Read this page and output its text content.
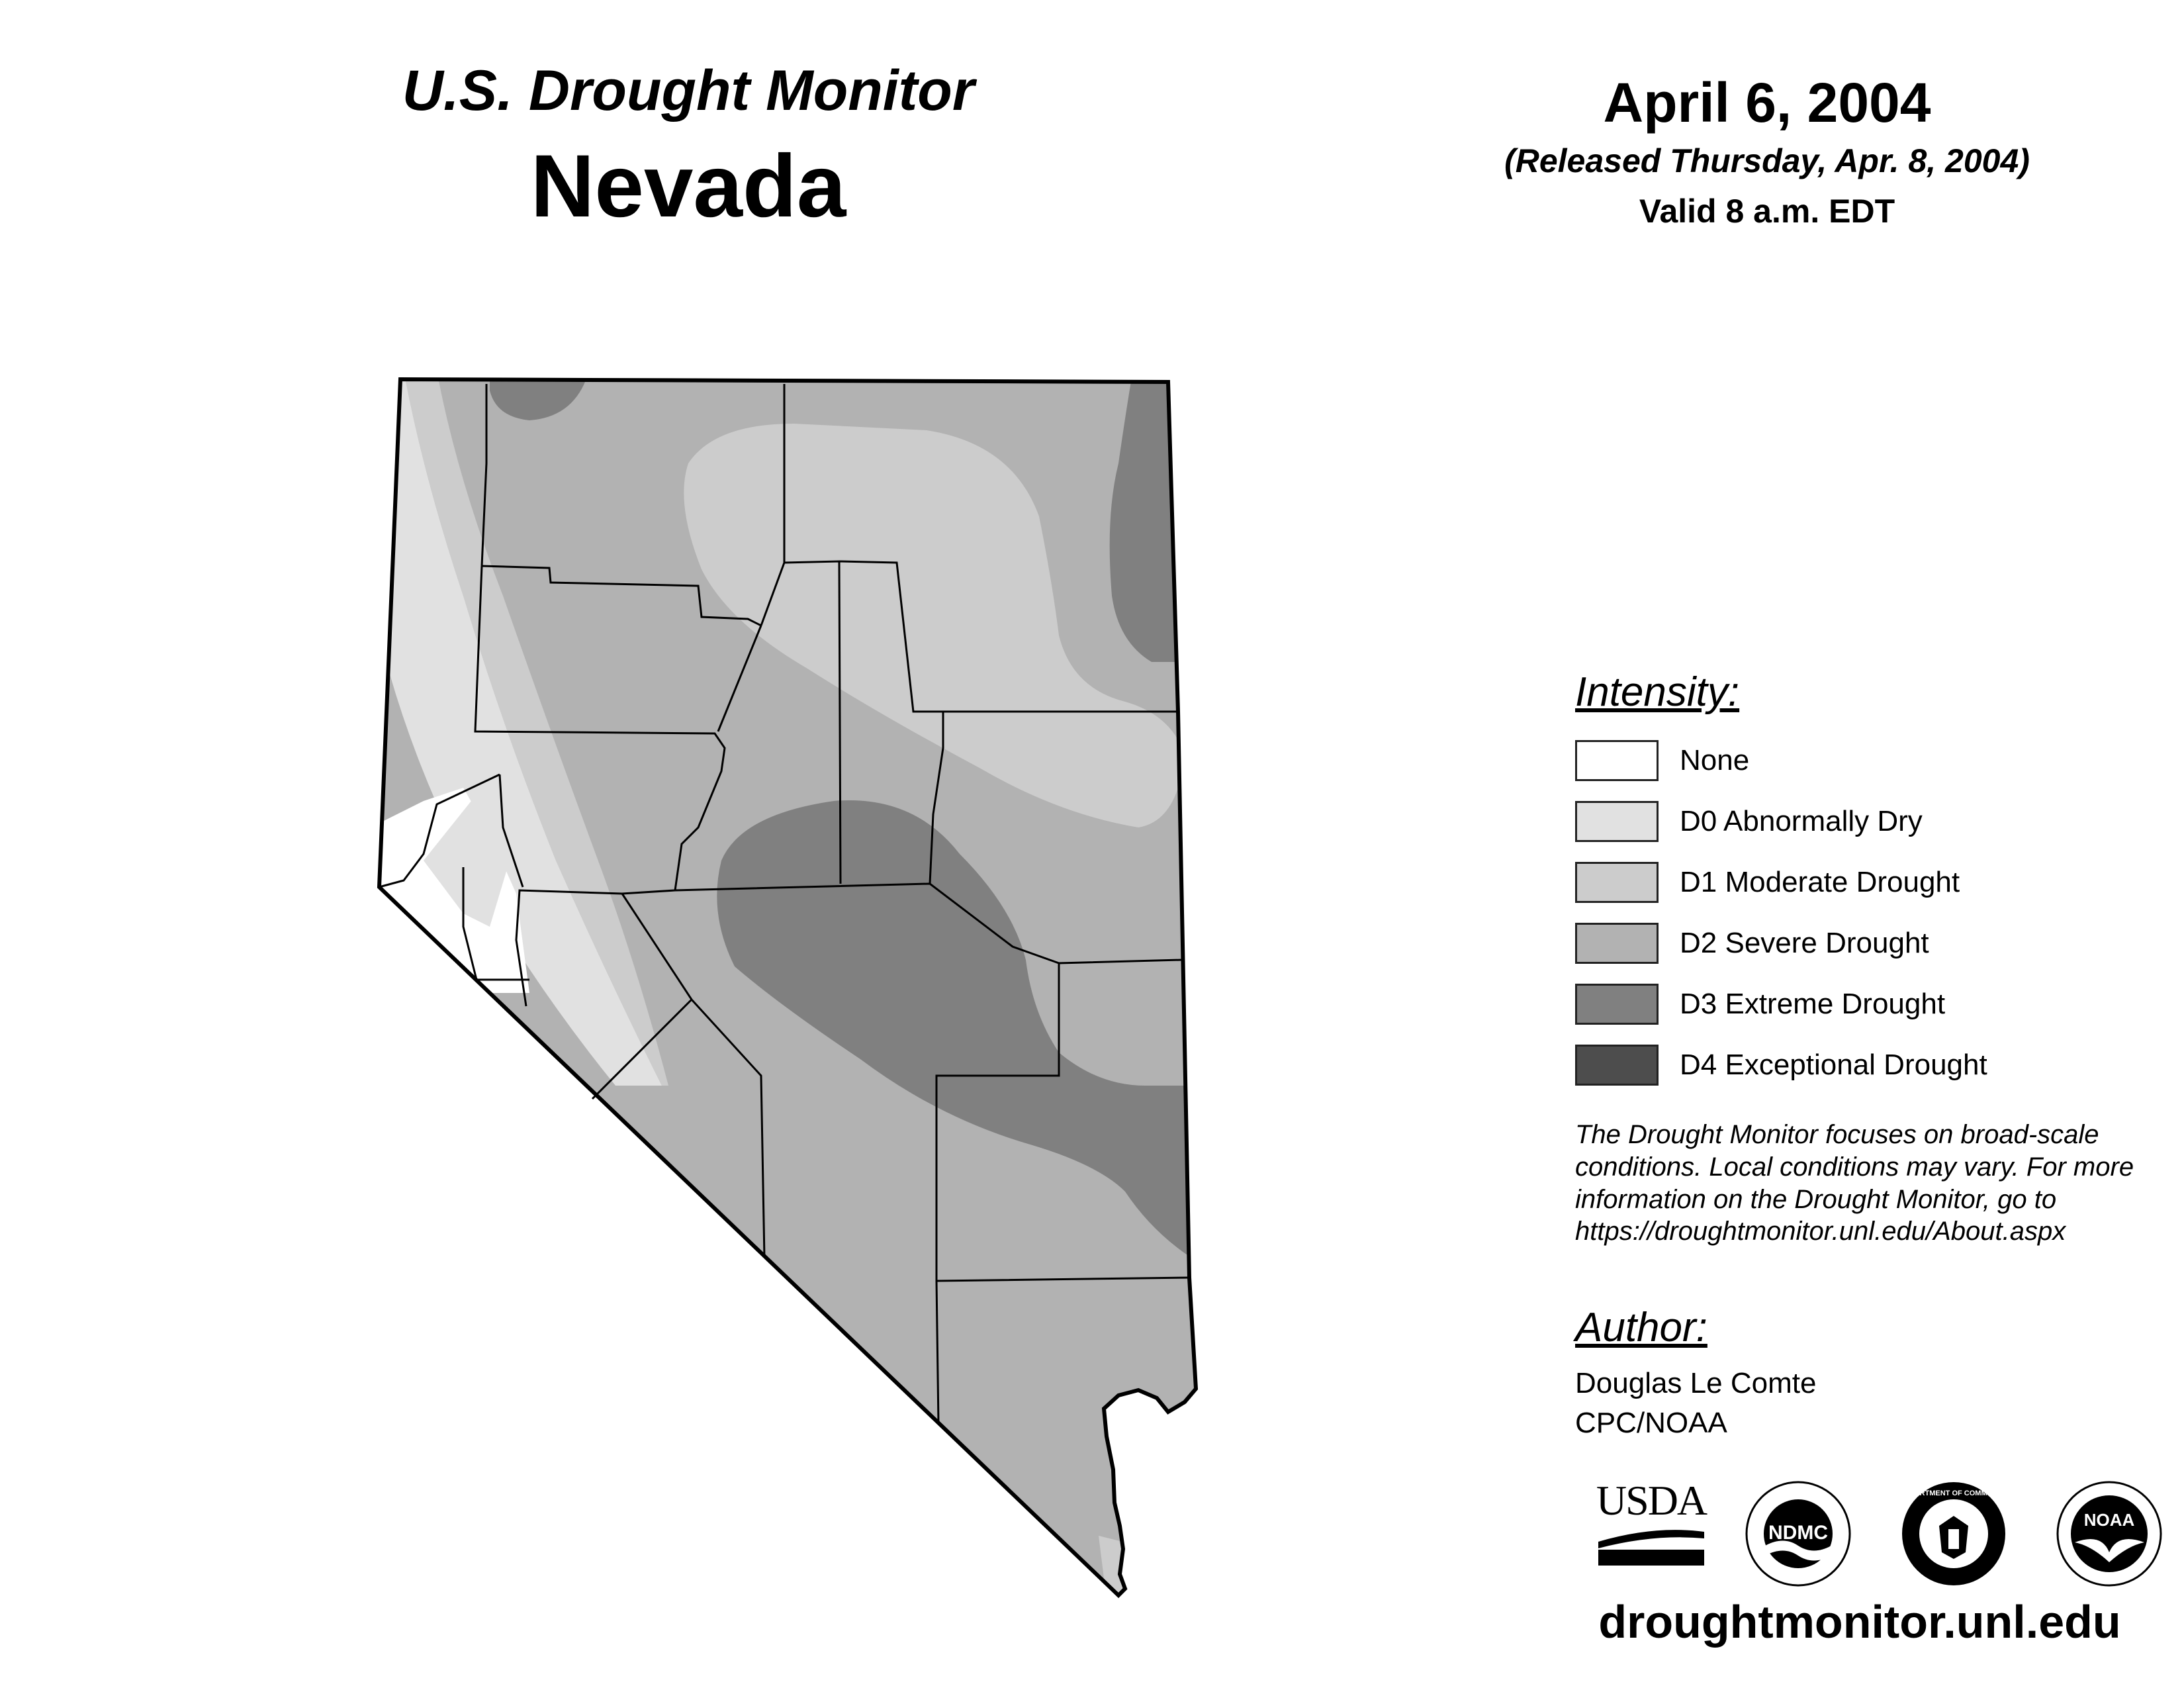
U.S. Drought Monitor
Nevada
April 6, 2004
(Released Thursday, Apr. 8, 2004)
Valid 8 a.m. EDT
Intensity:
None
D0 Abnormally Dry
D1 Moderate Drought
D2 Severe Drought
D3 Extreme Drought
D4 Exceptional Drought
The Drought Monitor focuses on broad-scale conditions. Local conditions may vary. For more information on the Drought Monitor, go to https://droughtmonitor.unl.edu/About.aspx
Author:
Douglas Le Comte
CPC/NOAA
USDA
NDMC
DEPARTMENT OF COMMERCE
NOAA
droughtmonitor.unl.edu
